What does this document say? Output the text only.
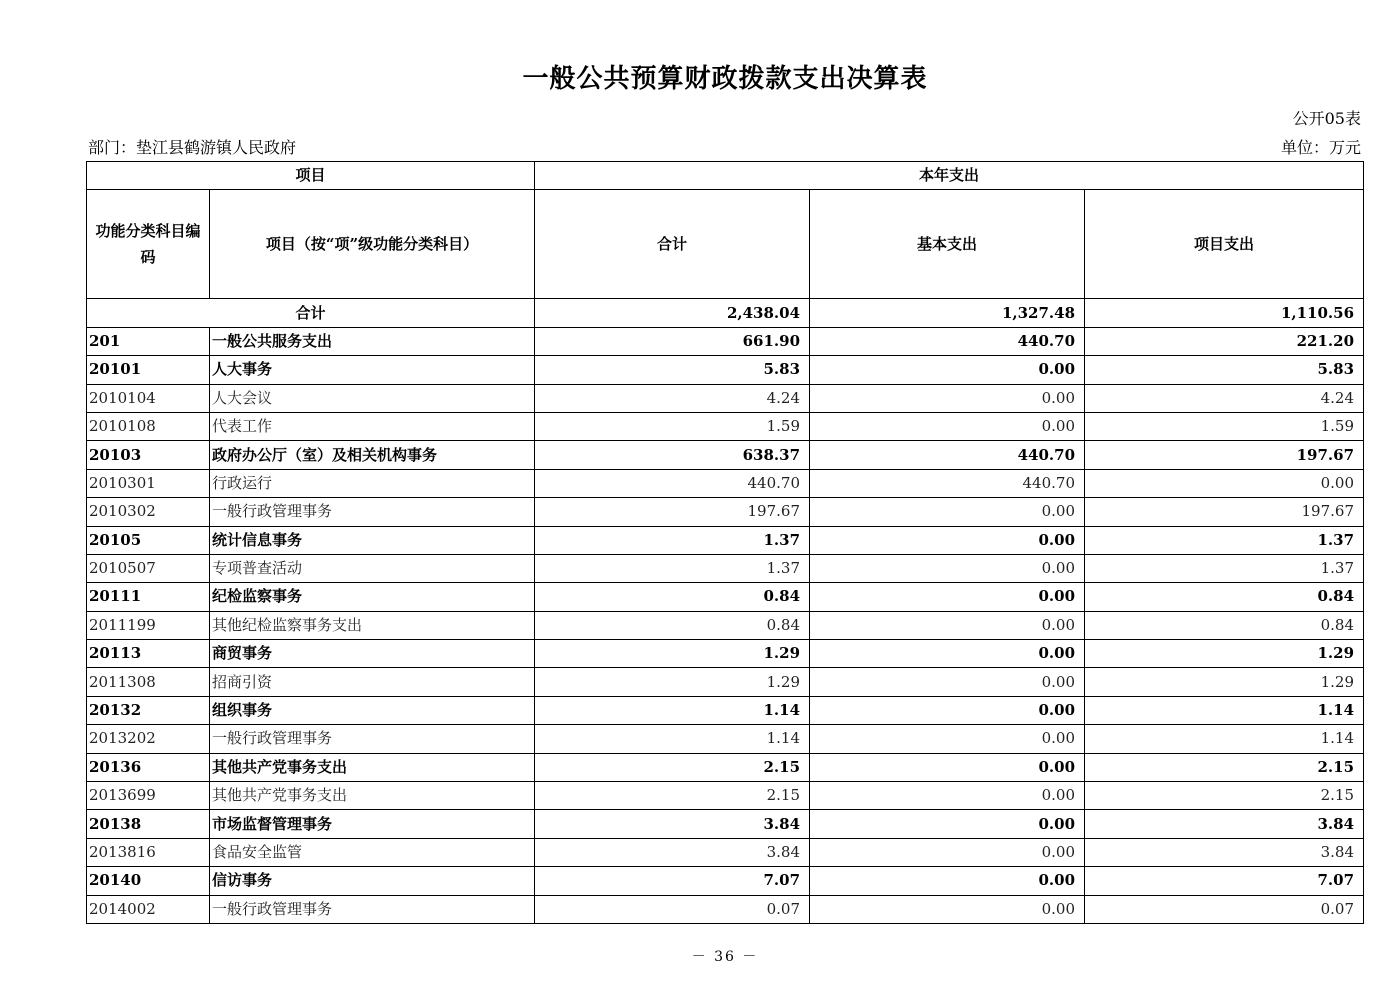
一般公共预算财政拨款支出决算表
公开05表
部门：垫江县鹤游镇人民政府	单位：万元
项目		本年支出		
功能分类科目编码	项目（按“项”级功能分类科目）	合计	基本支出	项目支出
合计		2,438.04	1,327.48	1,110.56
201	一般公共服务支出	661.90	440.70	221.20
20101	人大事务	5.83	0.00	5.83
2010104	人大会议	4.24	0.00	4.24
2010108	代表工作	1.59	0.00	1.59
20103	政府办公厅（室）及相关机构事务	638.37	440.70	197.67
2010301	行政运行	440.70	440.70	0.00
2010302	一般行政管理事务	197.67	0.00	197.67
20105	统计信息事务	1.37	0.00	1.37
2010507	专项普查活动	1.37	0.00	1.37
20111	纪检监察事务	0.84	0.00	0.84
2011199	其他纪检监察事务支出	0.84	0.00	0.84
20113	商贸事务	1.29	0.00	1.29
2011308	招商引资	1.29	0.00	1.29
20132	组织事务	1.14	0.00	1.14
2013202	一般行政管理事务	1.14	0.00	1.14
20136	其他共产党事务支出	2.15	0.00	2.15
2013699	其他共产党事务支出	2.15	0.00	2.15
20138	市场监督管理事务	3.84	0.00	3.84
2013816	食品安全监管	3.84	0.00	3.84
20140	信访事务	7.07	0.00	7.07
2014002	一般行政管理事务	0.07	0.00	0.07
－ 36 －
